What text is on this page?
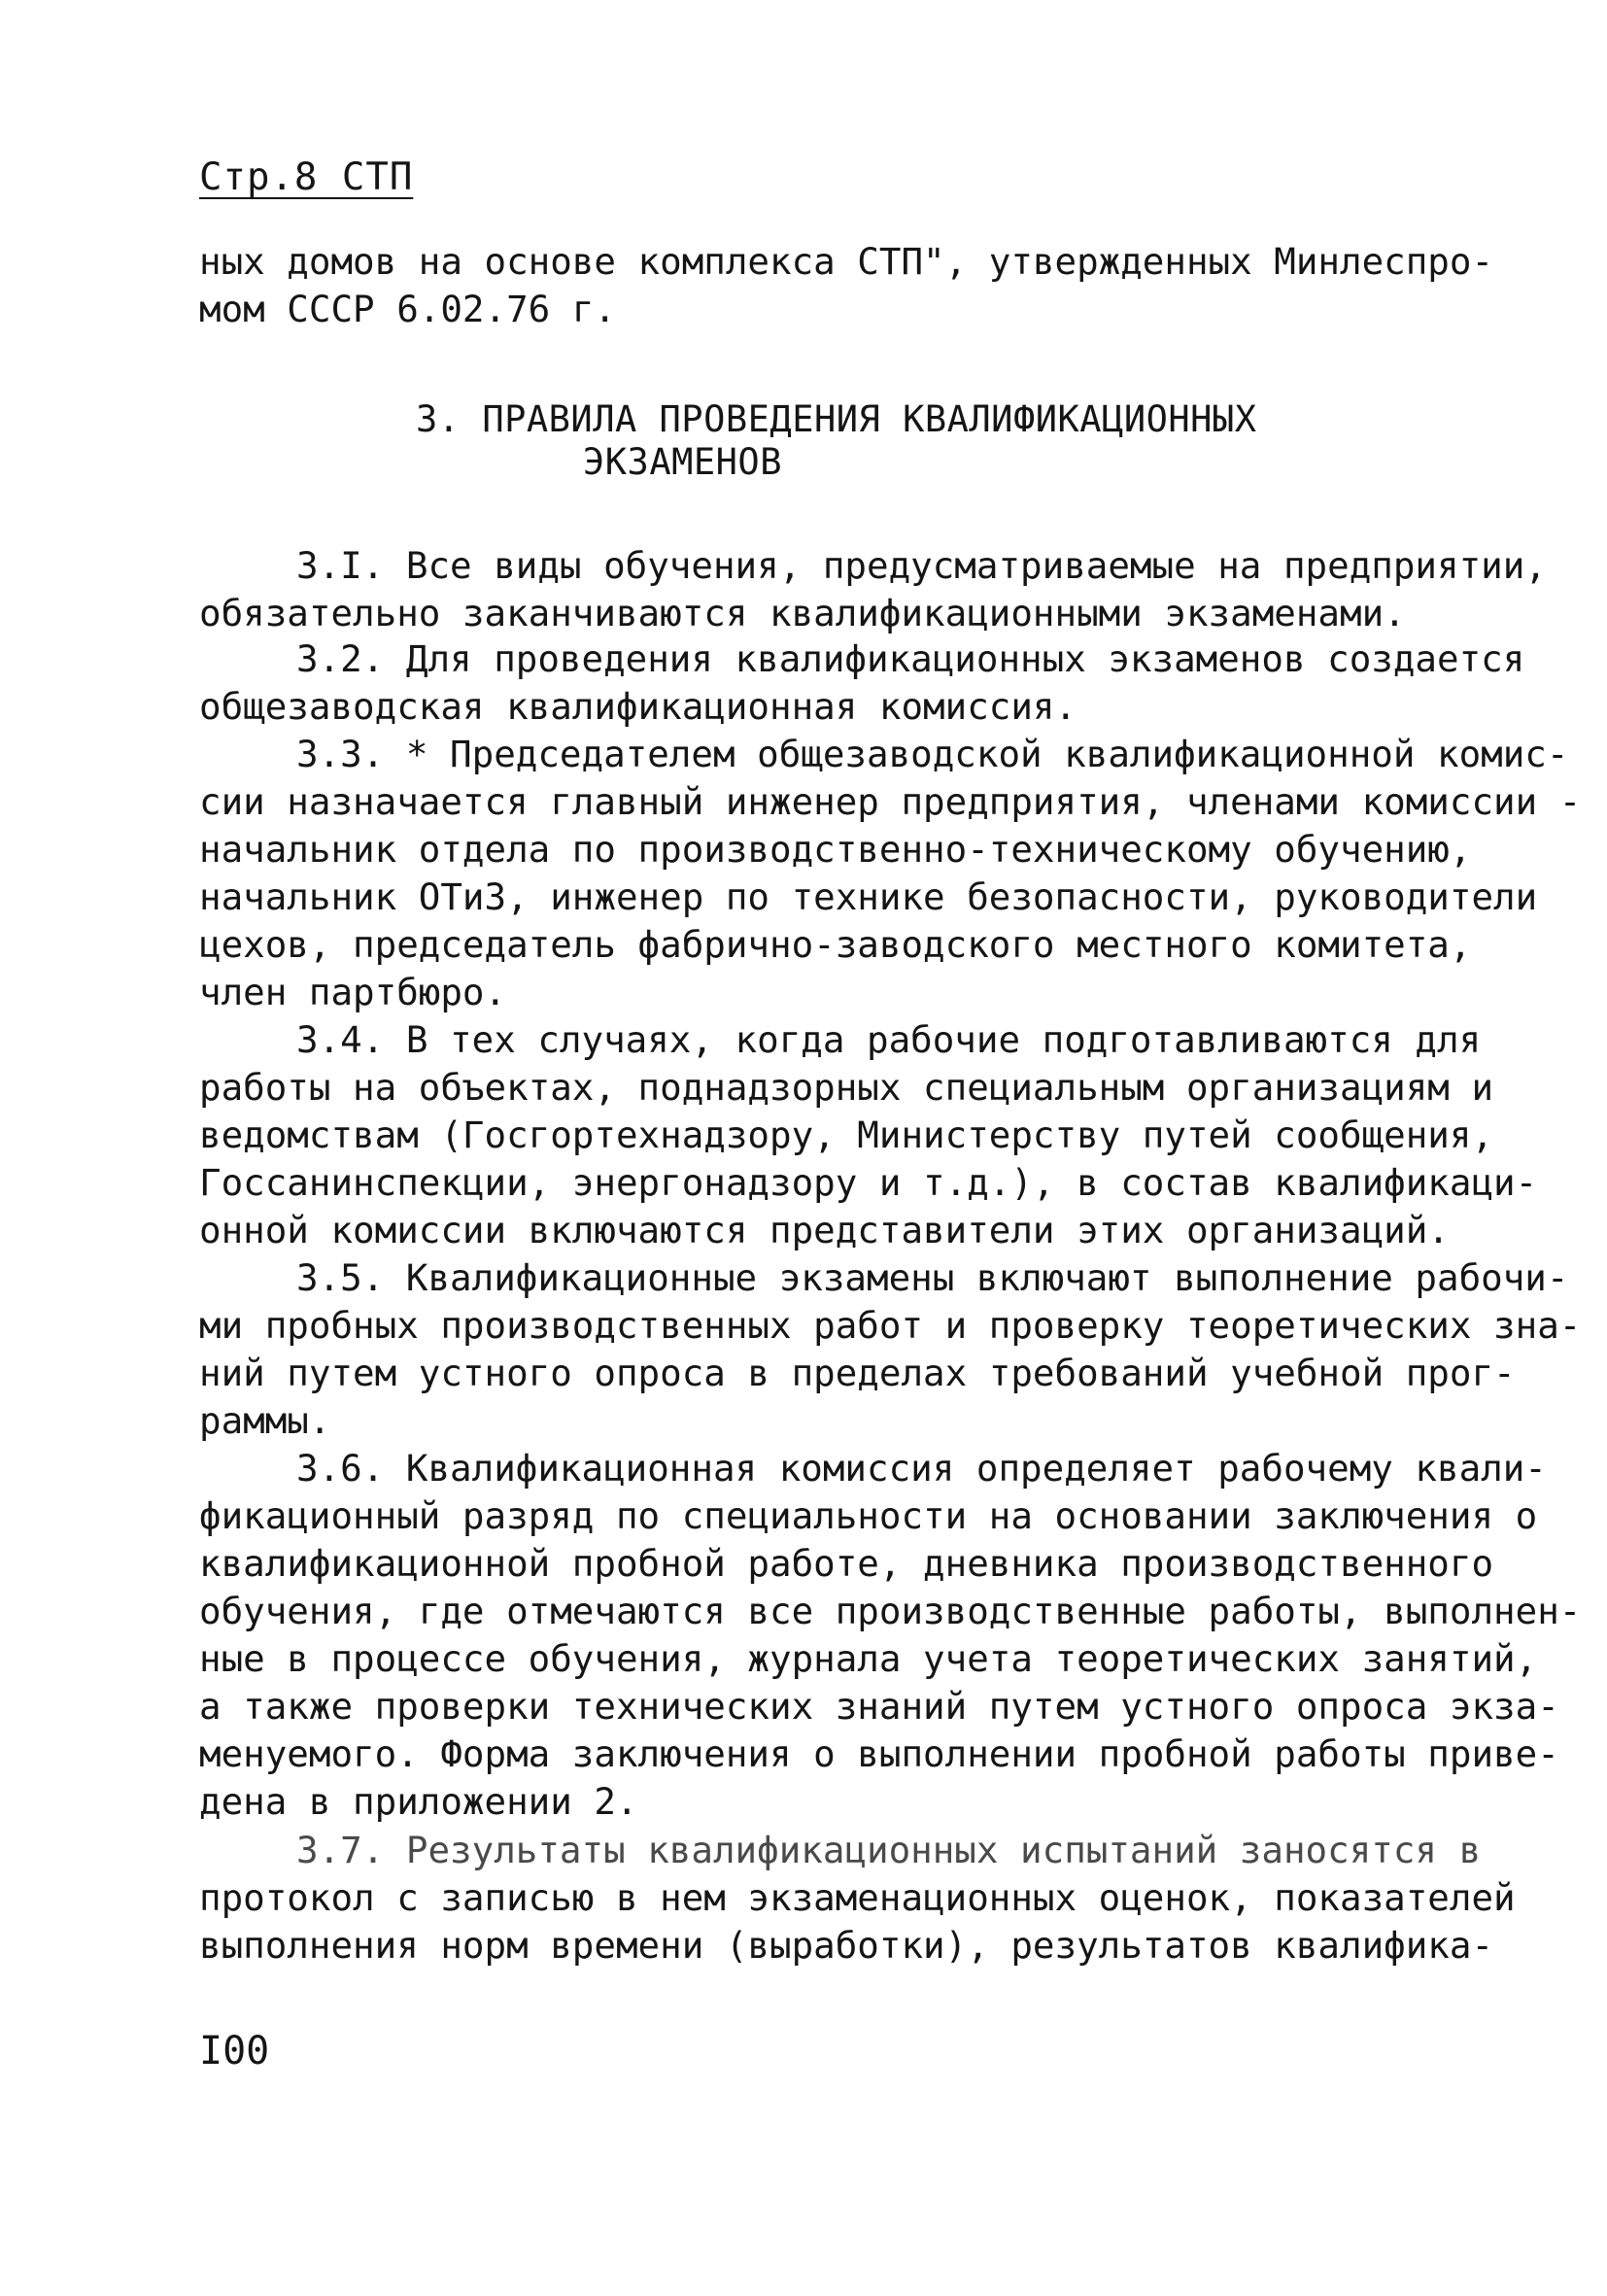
Стр.8 СТП
ных домов на основе комплекса СТП", утвержденных Минлеспро-
мом СССР 6.02.76 г.
3. ПРАВИЛА ПРОВЕДЕНИЯ КВАЛИФИКАЦИОННЫХ
ЭКЗАМЕНОВ
3.I. Все виды обучения, предусматриваемые на предприятии,
обязательно заканчиваются квалификационными экзаменами.
3.2. Для проведения квалификационных экзаменов создается
общезаводская квалификационная комиссия.
3.3. * Председателем общезаводской квалификационной комис-
сии назначается главный инженер предприятия, членами комиссии -
начальник отдела по производственно-техническому обучению,
начальник ОТиЗ, инженер по технике безопасности, руководители
цехов, председатель фабрично-заводского местного комитета,
член партбюро.
3.4. В тех случаях, когда рабочие подготавливаются для
работы на объектах, поднадзорных специальным организациям и
ведомствам (Госгортехнадзору, Министерству путей сообщения,
Госсанинспекции, энергонадзору и т.д.), в состав квалификаци-
онной комиссии включаются представители этих организаций.
3.5. Квалификационные экзамены включают выполнение рабочи-
ми пробных производственных работ и проверку теоретических зна-
ний путем устного опроса в пределах требований учебной прог-
раммы.
3.6. Квалификационная комиссия определяет рабочему квали-
фикационный разряд по специальности на основании заключения о
квалификационной пробной работе, дневника производственного
обучения, где отмечаются все производственные работы, выполнен-
ные в процессе обучения, журнала учета теоретических занятий,
а также проверки технических знаний путем устного опроса экза-
менуемого. Форма заключения о выполнении пробной работы приве-
дена в приложении 2.
3.7. Результаты квалификационных испытаний заносятся в
протокол с записью в нем экзаменационных оценок, показателей
выполнения норм времени (выработки), результатов квалифика-
I00
